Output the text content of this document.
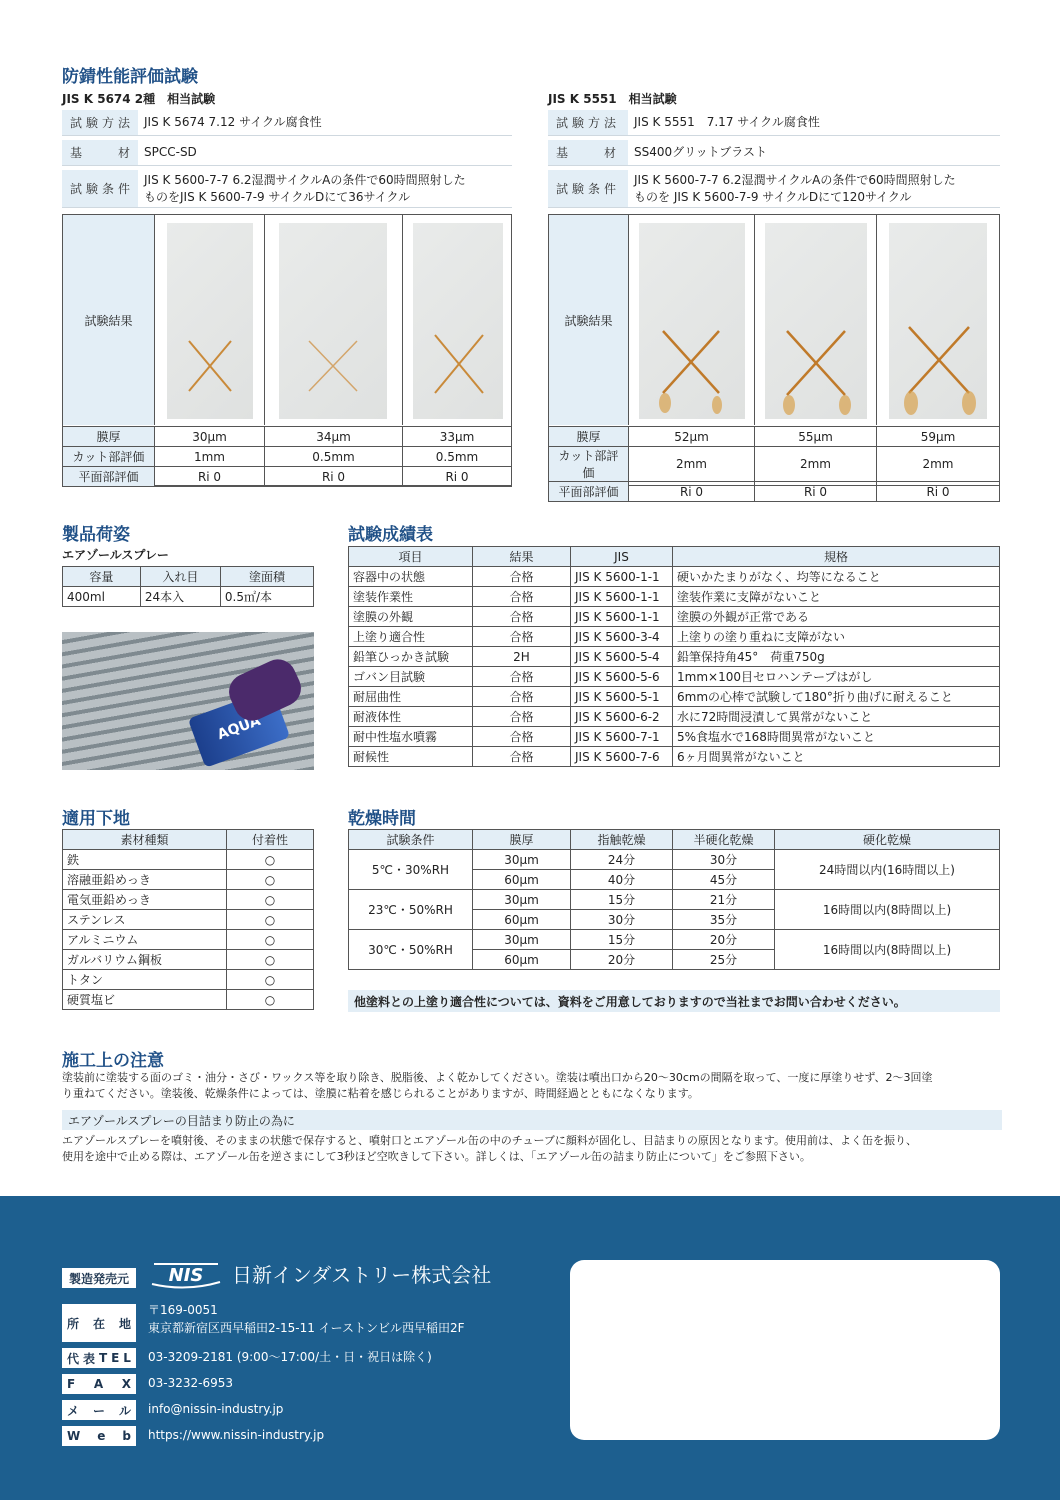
防錆性能評価試験
JIS K 5674 2種　相当試験
試験方法 JIS K 5674 7.12 サイクル腐食性
基　　材 SPCC-SD
試験条件
JIS K 5600-7-7 6.2湿潤サイクルAの条件で60時間照射した
ものをJIS K 5600-7-9 サイクルDにて36サイクル
試験結果
膜厚	30μm	34μm	33μm
カット部評価	1mm	0.5mm	0.5mm
平面部評価	Ri 0	Ri 0	Ri 0
JIS K 5551　相当試験
試験方法	JIS K 5551　7.17 サイクル腐食性
基　　材	SS400グリットブラスト
試験条件
JIS K 5600-7-7 6.2湿潤サイクルAの条件で60時間照射した
ものを JIS K 5600-7-9 サイクルDにて120サイクル
試験結果
膜厚	52μm	55μm	59μm
カット部評価	2mm	2mm	2mm
平面部評価	Ri 0	Ri 0	Ri 0
製品荷姿
エアゾールスプレー
容量	入れ目	塗面積
400ml	24本入	0.5㎡/本
AQUA
試験成績表
項目	結果	JIS	規格
容器中の状態	合格	JIS K 5600-1-1	硬いかたまりがなく、均等になること
塗装作業性	合格	JIS K 5600-1-1	塗装作業に支障がないこと
塗膜の外観	合格	JIS K 5600-1-1	塗膜の外観が正常である
上塗り適合性	合格	JIS K 5600-3-4	上塗りの塗り重ねに支障がない
鉛筆ひっかき試験	2H	JIS K 5600-5-4	鉛筆保持角45°　荷重750g
ゴバン目試験	合格	JIS K 5600-5-6	1mm×100目セロハンテープはがし
耐屈曲性	合格	JIS K 5600-5-1	6mmの心棒で試験して180°折り曲げに耐えること
耐液体性	合格	JIS K 5600-6-2	水に72時間浸漬して異常がないこと
耐中性塩水噴霧	合格	JIS K 5600-7-1	5%食塩水で168時間異常がないこと
耐候性	合格	JIS K 5600-7-6	6ヶ月間異常がないこと
適用下地
素材種類	付着性
鉄	○
溶融亜鉛めっき	○
電気亜鉛めっき	○
ステンレス	○
アルミニウム	○
ガルバリウム鋼板	○
トタン	○
硬質塩ビ	○
乾燥時間
試験条件	膜厚	指触乾燥	半硬化乾燥	硬化乾燥
5℃・30%RH	30μm	24分	30分	24時間以内(16時間以上)
	60μm	40分	45分	
23℃・50%RH	30μm	15分	21分	16時間以内(8時間以上)
	60μm	30分	35分	
30℃・50%RH	30μm	15分	20分	16時間以内(8時間以上)
	60μm	20分	25分	
他塗料との上塗り適合性については、資料をご用意しておりますので当社までお問い合わせください。
施工上の注意
塗装前に塗装する面のゴミ・油分・さび・ワックス等を取り除き、脱脂後、よく乾かしてください。塗装は噴出口から20～30cmの間隔を取って、一度に厚塗りせず、2～3回塗
り重ねてください。塗装後、乾燥条件によっては、塗膜に粘着を感じられることがありますが、時間経過とともになくなります。
エアゾールスプレーの目詰まり防止の為に
エアゾールスプレーを噴射後、そのままの状態で保存すると、噴射口とエアゾール缶の中のチューブに顔料が固化し、目詰まりの原因となります。使用前は、よく缶を振り、
使用を途中で止める際は、エアゾール缶を逆さまにして3秒ほど空吹きして下さい。詳しくは、「エアゾール缶の詰まり防止について」をご参照下さい。
製造発売元 NIS 日新インダストリー株式会社
所 在 地
〒169-0051
東京都新宿区西早稲田2-15-11 イーストンビル西早稲田2F
代 表 T E L 03-3209-2181 (9:00～17:00/土・日・祝日は除く)
F A X 03-3232-6953
メ ー ル info@nissin-industry.jp
W e b https://www.nissin-industry.jp
